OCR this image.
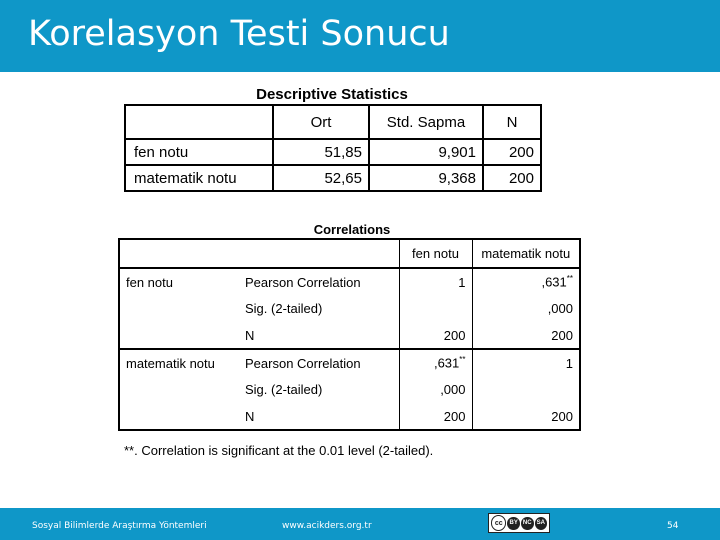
Korelasyon Testi Sonucu
Descriptive Statistics
	Ort	Std. Sapma	N
fen notu	51,85	9,901	200
matematik notu	52,65	9,368	200
Correlations
		fen notu	matematik notu
fen notu	Pearson Correlation	1	,631**
	Sig. (2-tailed)		,000
	N	200	200
matematik notu	Pearson Correlation	,631**	1
	Sig. (2-tailed)	,000	
	N	200	200
**. Correlation is significant at the 0.01 level (2-tailed).
Sosyal Bilimlerde Araştırma Yöntemleri	www.acikders.org.tr	cc	BY NC SA	54
